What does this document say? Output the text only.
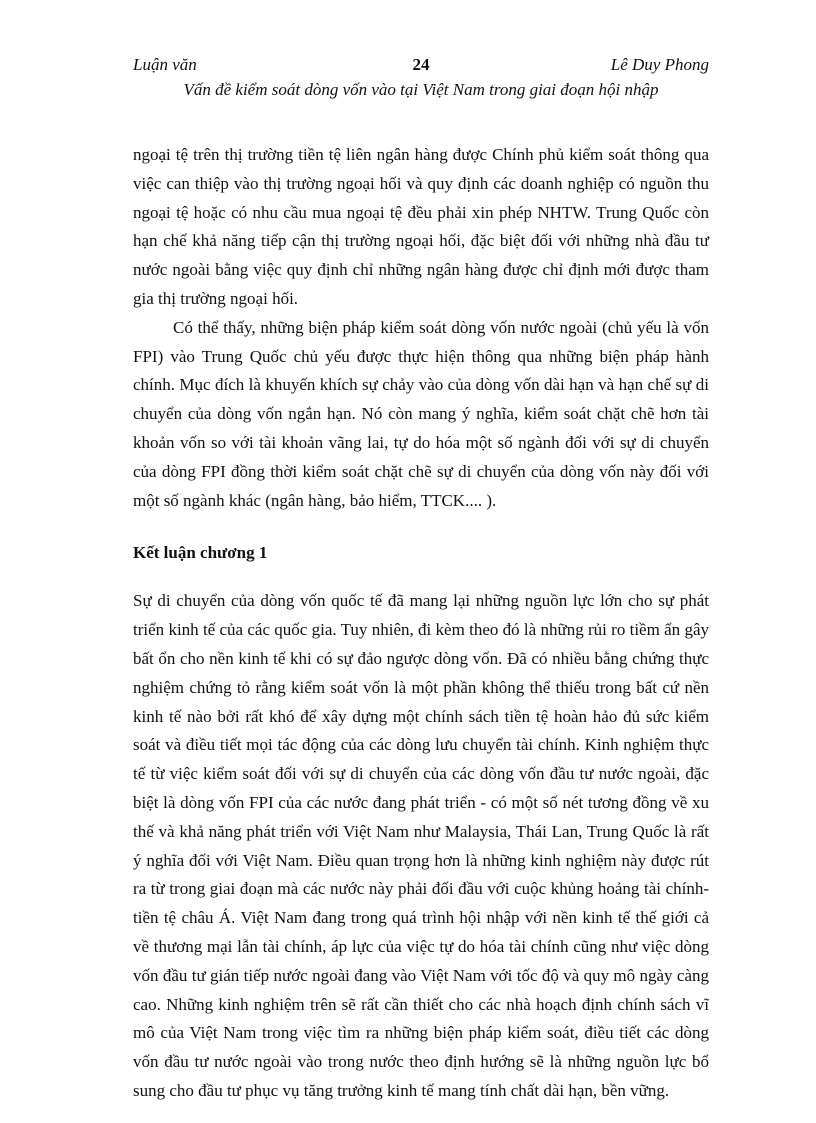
Luận văn	24	Lê Duy Phong
Vấn đề kiểm soát dòng vốn vào tại Việt Nam trong giai đoạn hội nhập

ngoại tệ trên thị trường tiền tệ liên ngân hàng được Chính phủ kiểm soát thông qua việc can thiệp vào thị trường ngoại hối và quy định các doanh nghiệp có nguồn thu ngoại tệ hoặc có nhu cầu mua ngoại tệ đều phải xin phép NHTW. Trung Quốc còn hạn chế khả năng tiếp cận thị trường ngoại hối, đặc biệt đối với những nhà đầu tư nước ngoài bằng việc quy định chỉ những ngân hàng được chỉ định mới được tham gia thị trường ngoại hối.

Có thể thấy, những biện pháp kiểm soát dòng vốn nước ngoài (chủ yếu là vốn FPI) vào Trung Quốc chủ yếu được thực hiện thông qua những biện pháp hành chính. Mục đích là khuyến khích sự chảy vào của dòng vốn dài hạn và hạn chế sự di chuyển của dòng vốn ngắn hạn. Nó còn mang ý nghĩa, kiểm soát chặt chẽ hơn tài khoản vốn so với tài khoản vãng lai, tự do hóa một số ngành đối với sự di chuyển của dòng FPI đồng thời kiểm soát chặt chẽ sự di chuyển của dòng vốn này đối với một số ngành khác (ngân hàng, bảo hiểm, TTCK.... ).

Kết luận chương 1

Sự di chuyển của dòng vốn quốc tế đã mang lại những nguồn lực lớn cho sự phát triển kinh tế của các quốc gia. Tuy nhiên, đi kèm theo đó là những rủi ro tiềm ẩn gây bất ổn cho nền kinh tế khi có sự đảo ngược dòng vốn. Đã có nhiều bằng chứng thực nghiệm chứng tỏ rằng kiểm soát vốn là một phần không thể thiếu trong bất cứ nền kinh tế nào bởi rất khó để xây dựng một chính sách tiền tệ hoàn hảo đủ sức kiểm soát và điều tiết mọi tác động của các dòng lưu chuyển tài chính. Kinh nghiệm thực tế từ việc kiểm soát đối với sự di chuyển của các dòng vốn đầu tư nước ngoài, đặc biệt là dòng vốn FPI của các nước đang phát triển - có một số nét tương đồng về xu thế và khả năng phát triển với Việt Nam như Malaysia, Thái Lan, Trung Quốc là rất ý nghĩa đối với Việt Nam. Điều quan trọng hơn là những kinh nghiệm này được rút ra từ trong giai đoạn mà các nước này phải đối đầu với cuộc khủng hoảng tài chính-tiền tệ châu Á. Việt Nam đang trong quá trình hội nhập với nền kinh tế thế giới cả về thương mại lẫn tài chính, áp lực của việc tự do hóa tài chính cũng như việc dòng vốn đầu tư gián tiếp nước ngoài đang vào Việt Nam với tốc độ và quy mô ngày càng cao. Những kinh nghiệm trên sẽ rất cần thiết cho các nhà hoạch định chính sách vĩ mô của Việt Nam trong việc tìm ra những biện pháp kiểm soát, điều tiết các dòng vốn đầu tư nước ngoài vào trong nước theo định hướng sẽ là những nguồn lực bổ sung cho đầu tư phục vụ tăng trưởng kinh tế mang tính chất dài hạn, bền vững.
